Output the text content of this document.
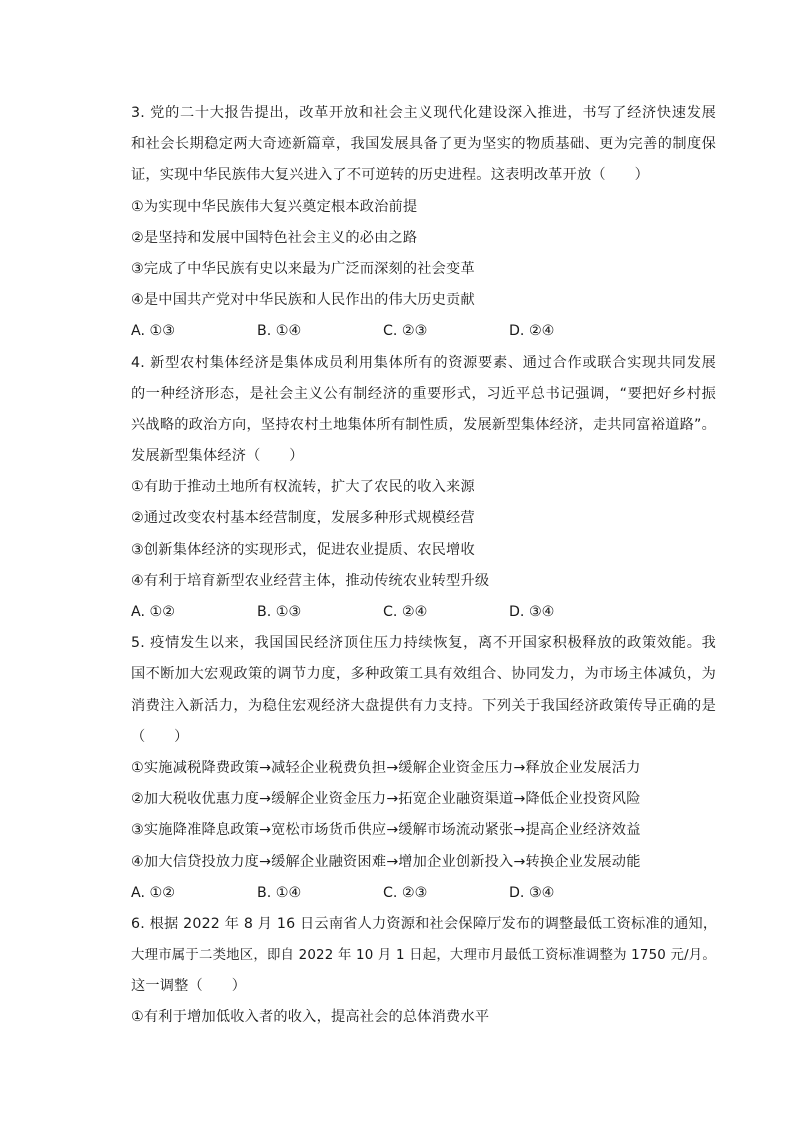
3. 党的二十大报告提出，改革开放和社会主义现代化建设深入推进，书写了经济快速发展
和社会长期稳定两大奇迹新篇章，我国发展具备了更为坚实的物质基础、更为完善的制度保
证，实现中华民族伟大复兴进入了不可逆转的历史进程。这表明改革开放（　　）
①为实现中华民族伟大复兴奠定根本政治前提
②是坚持和发展中国特色社会主义的必由之路
③完成了中华民族有史以来最为广泛而深刻的社会变革
④是中国共产党对中华民族和人民作出的伟大历史贡献
A. ①③	B. ①④	C. ②③	D. ②④
4. 新型农村集体经济是集体成员利用集体所有的资源要素、通过合作或联合实现共同发展
的一种经济形态，是社会主义公有制经济的重要形式，习近平总书记强调，“要把好乡村振
兴战略的政治方向，坚持农村土地集体所有制性质，发展新型集体经济，走共同富裕道路”。
发展新型集体经济（　　）
①有助于推动土地所有权流转，扩大了农民的收入来源
②通过改变农村基本经营制度，发展多种形式规模经营
③创新集体经济的实现形式，促进农业提质、农民增收
④有利于培育新型农业经营主体，推动传统农业转型升级
A. ①②	B. ①③	C. ②④	D. ③④
5. 疫情发生以来，我国国民经济顶住压力持续恢复，离不开国家积极释放的政策效能。我
国不断加大宏观政策的调节力度，多种政策工具有效组合、协同发力，为市场主体减负，为
消费注入新活力，为稳住宏观经济大盘提供有力支持。下列关于我国经济政策传导正确的是
（　　）
①实施减税降费政策→减轻企业税费负担→缓解企业资金压力→释放企业发展活力
②加大税收优惠力度→缓解企业资金压力→拓宽企业融资渠道→降低企业投资风险
③实施降准降息政策→宽松市场货币供应→缓解市场流动紧张→提高企业经济效益
④加大信贷投放力度→缓解企业融资困难→增加企业创新投入→转换企业发展动能
A. ①②	B. ①④	C. ②③	D. ③④
6. 根据 2022 年 8 月 16 日云南省人力资源和社会保障厅发布的调整最低工资标准的通知，
大理市属于二类地区，即自 2022 年 10 月 1 日起，大理市月最低工资标准调整为 1750 元/月。
这一调整（　　）
①有利于增加低收入者的收入，提高社会的总体消费水平
